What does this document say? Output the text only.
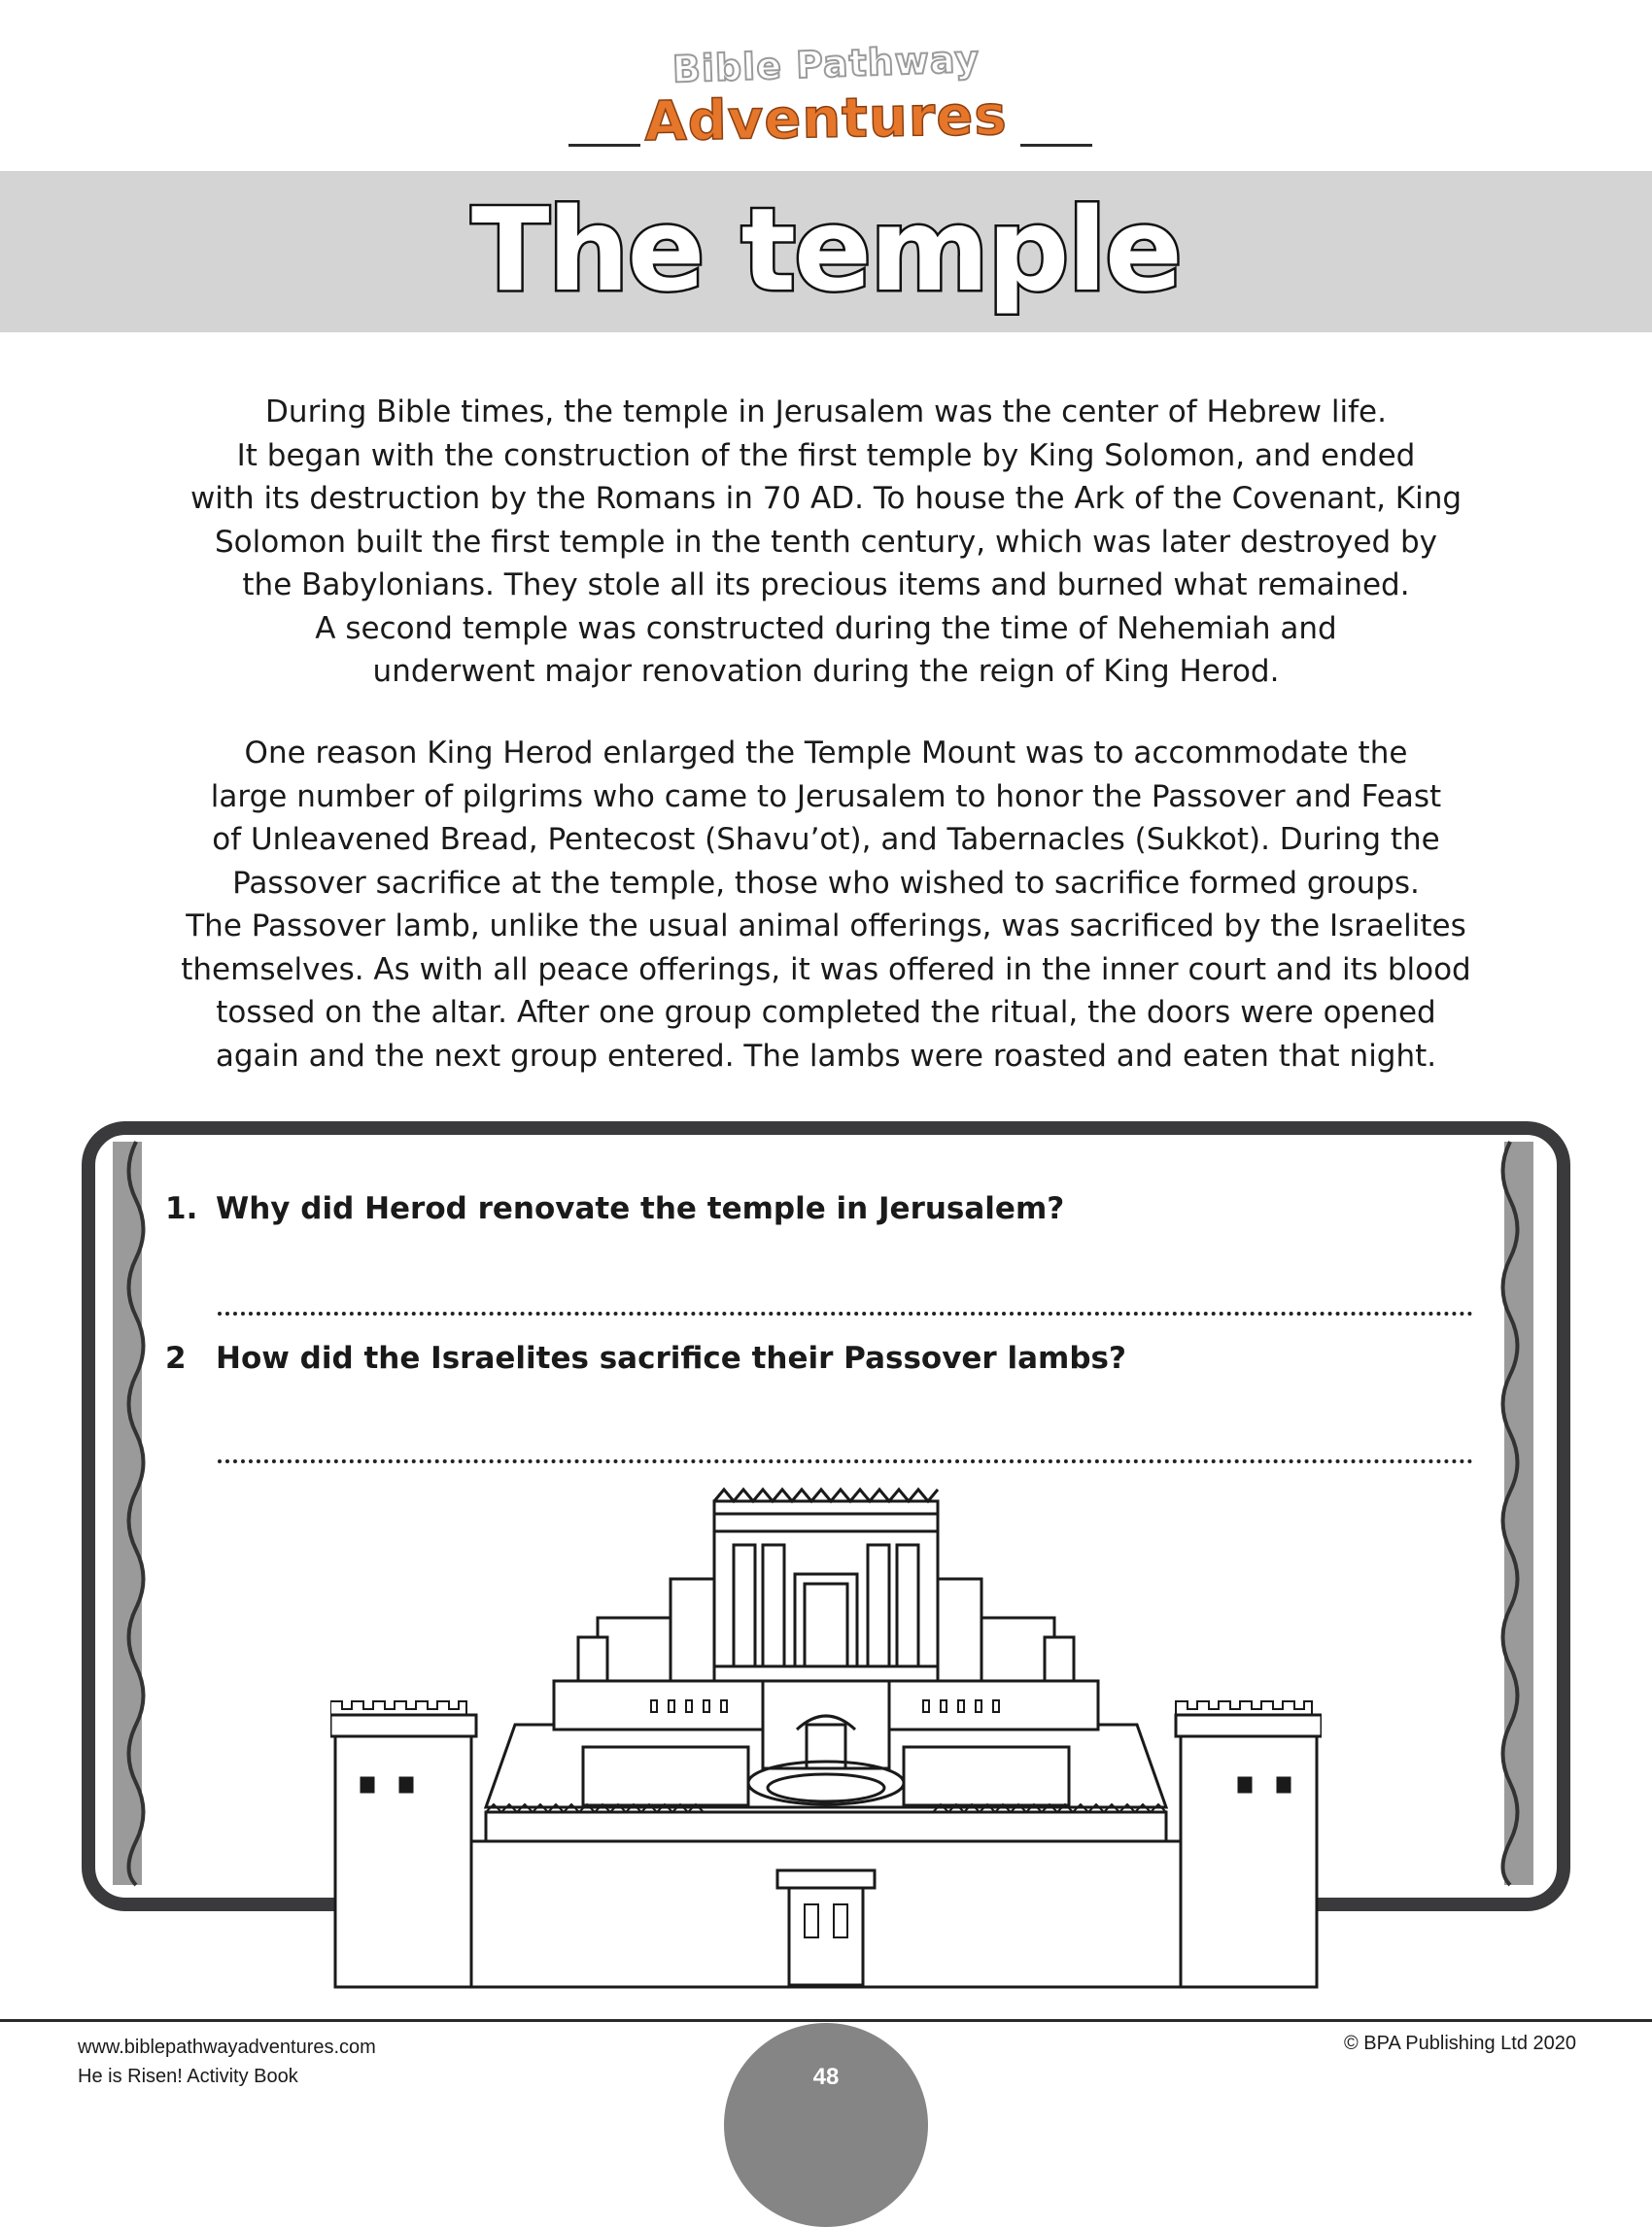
Bible Pathway
Adventures
The temple

During Bible times, the temple in Jerusalem was the center of Hebrew life.

It began with the construction of the first temple by King Solomon, and ended

with its destruction by the Romans in 70 AD. To house the Ark of the Covenant, King

Solomon built the first temple in the tenth century, which was later destroyed by

the Babylonians. They stole all its precious items and burned what remained.

A second temple was constructed during the time of Nehemiah and

underwent major renovation during the reign of King Herod.

One reason King Herod enlarged the Temple Mount was to accommodate the

large number of pilgrims who came to Jerusalem to honor the Passover and Feast

of Unleavened Bread, Pentecost (Shavu’ot), and Tabernacles (Sukkot). During the

Passover sacrifice at the temple, those who wished to sacrifice formed groups.

The Passover lamb, unlike the usual animal offerings, was sacrificed by the Israelites

themselves. As with all peace offerings, it was offered in the inner court and its blood

tossed on the altar. After one group completed the ritual, the doors were opened

again and the next group entered. The lambs were roasted and eaten that night.

1. Why did Herod renovate the temple in Jerusalem?
2 How did the Israelites sacrifice their Passover lambs?
www.biblepathwayadventures.com
He is Risen! Activity Book
© BPA Publishing Ltd 2020
48
